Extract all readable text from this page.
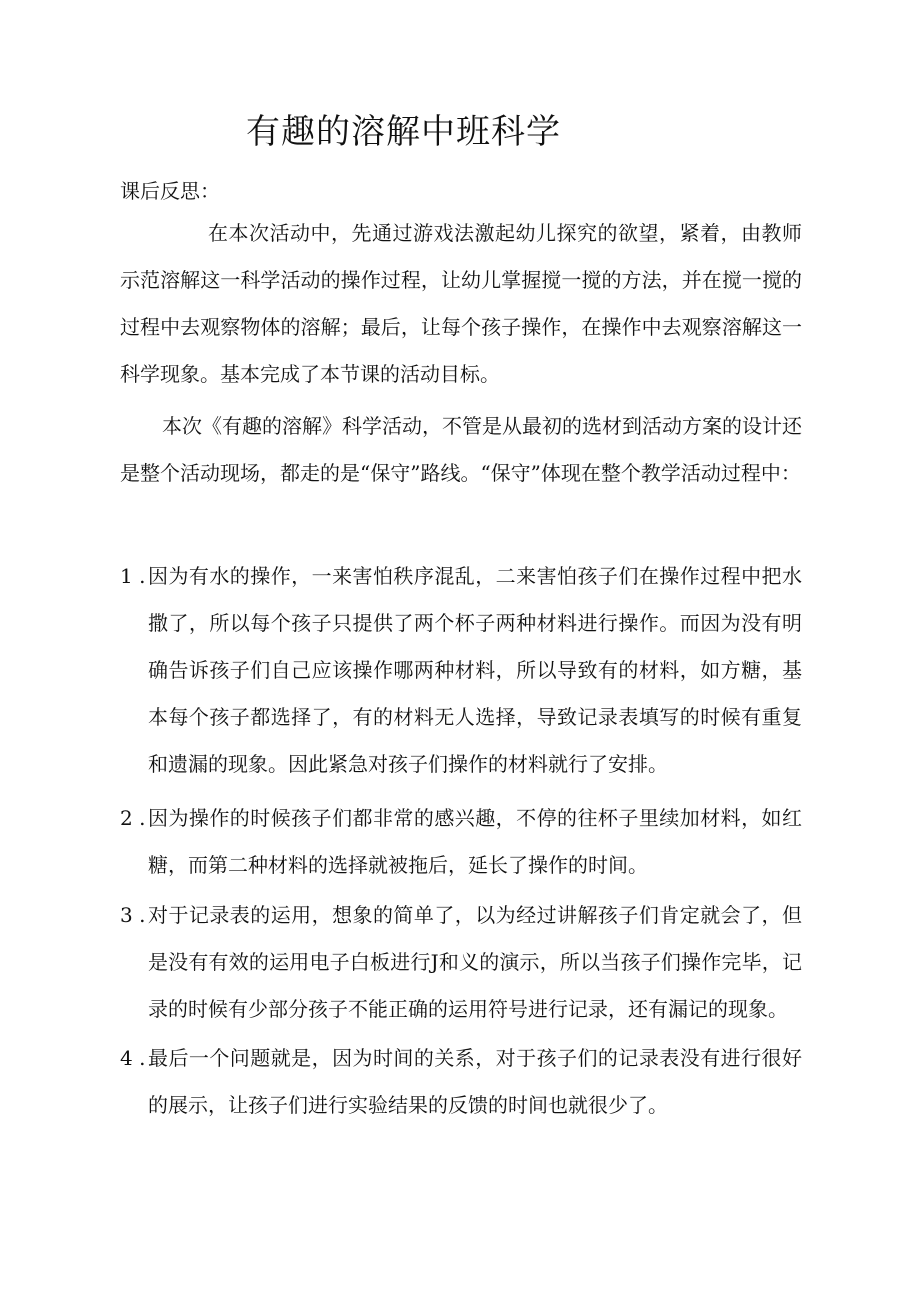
有趣的溶解中班科学

课后反思：

在本次活动中，先通过游戏法激起幼儿探究的欲望，紧着，由教师示范溶解这一科学活动的操作过程，让幼儿掌握搅一搅的方法，并在搅一搅的过程中去观察物体的溶解；最后，让每个孩子操作，在操作中去观察溶解这一科学现象。基本完成了本节课的活动目标。

本次《有趣的溶解》科学活动，不管是从最初的选材到活动方案的设计还是整个活动现场，都走的是“保守”路线。“保守”体现在整个教学活动过程中：

1 . 因为有水的操作，一来害怕秩序混乱，二来害怕孩子们在操作过程中把水撒了，所以每个孩子只提供了两个杯子两种材料进行操作。而因为没有明确告诉孩子们自己应该操作哪两种材料，所以导致有的材料，如方糖，基本每个孩子都选择了，有的材料无人选择，导致记录表填写的时候有重复和遗漏的现象。因此紧急对孩子们操作的材料就行了安排。
2 . 因为操作的时候孩子们都非常的感兴趣，不停的往杯子里续加材料，如红糖，而第二种材料的选择就被拖后，延长了操作的时间。
3 . 对于记录表的运用，想象的简单了，以为经过讲解孩子们肯定就会了，但是没有有效的运用电子白板进行J和义的演示，所以当孩子们操作完毕，记录的时候有少部分孩子不能正确的运用符号进行记录，还有漏记的现象。
4 . 最后一个问题就是，因为时间的关系，对于孩子们的记录表没有进行很好的展示，让孩子们进行实验结果的反馈的时间也就很少了。
